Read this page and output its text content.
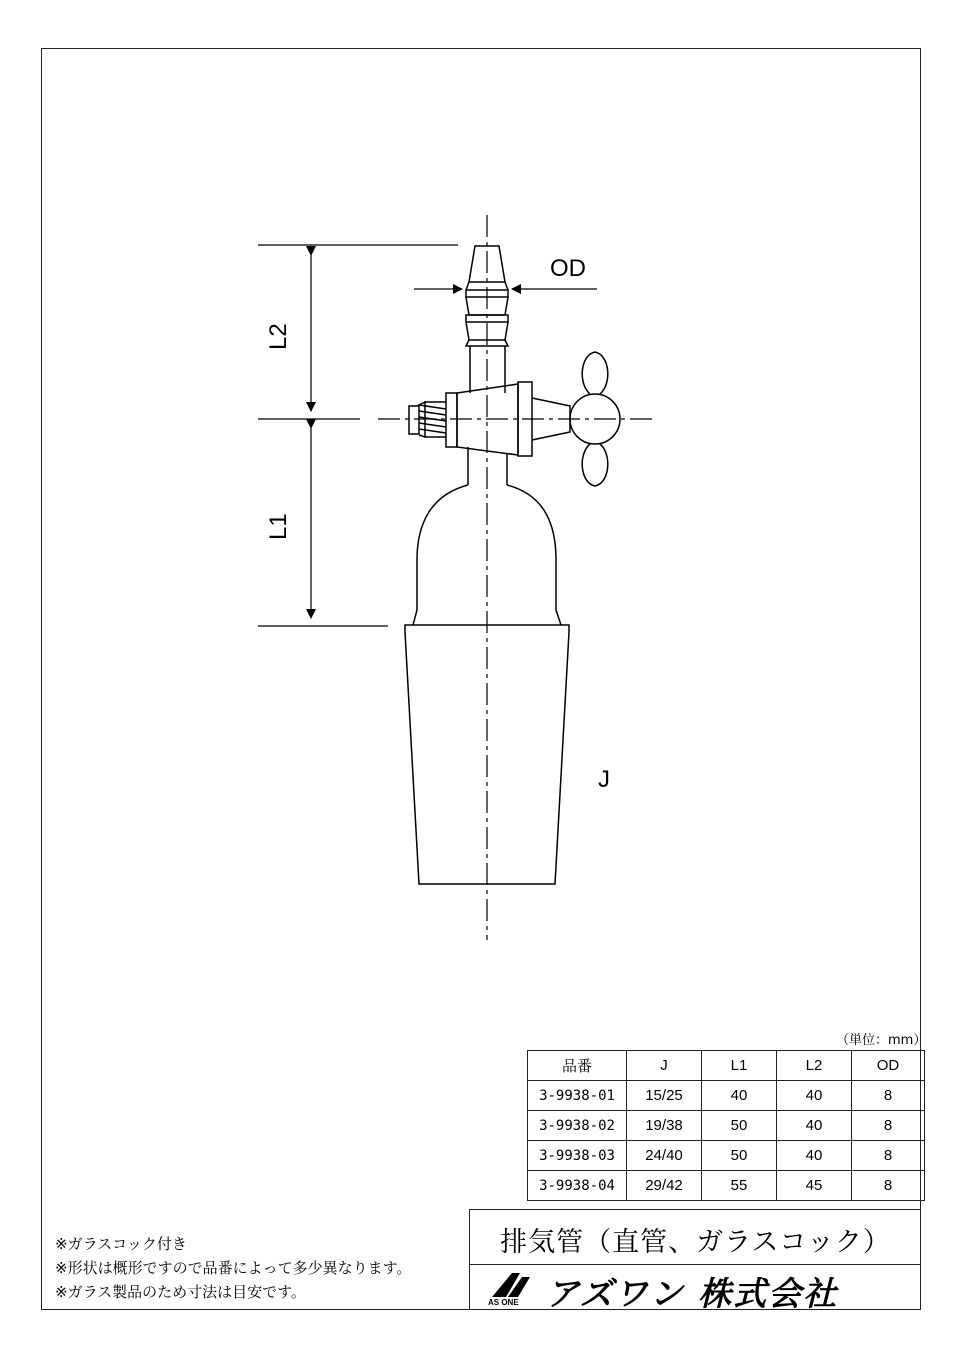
OD
L2
L1
J
（単位：mm）
品番	J	L1	L2	OD
3-9938-01	15/25	40	40	8
3-9938-02	19/38	50	40	8
3-9938-03	24/40	50	40	8
3-9938-04	29/42	55	45	8
※ガラスコック付き
※形状は概形ですので品番によって多少異なります。
※ガラス製品のため寸法は目安です。
排気管（直管、ガラスコック）
AS ONE アズワン 株式会社
